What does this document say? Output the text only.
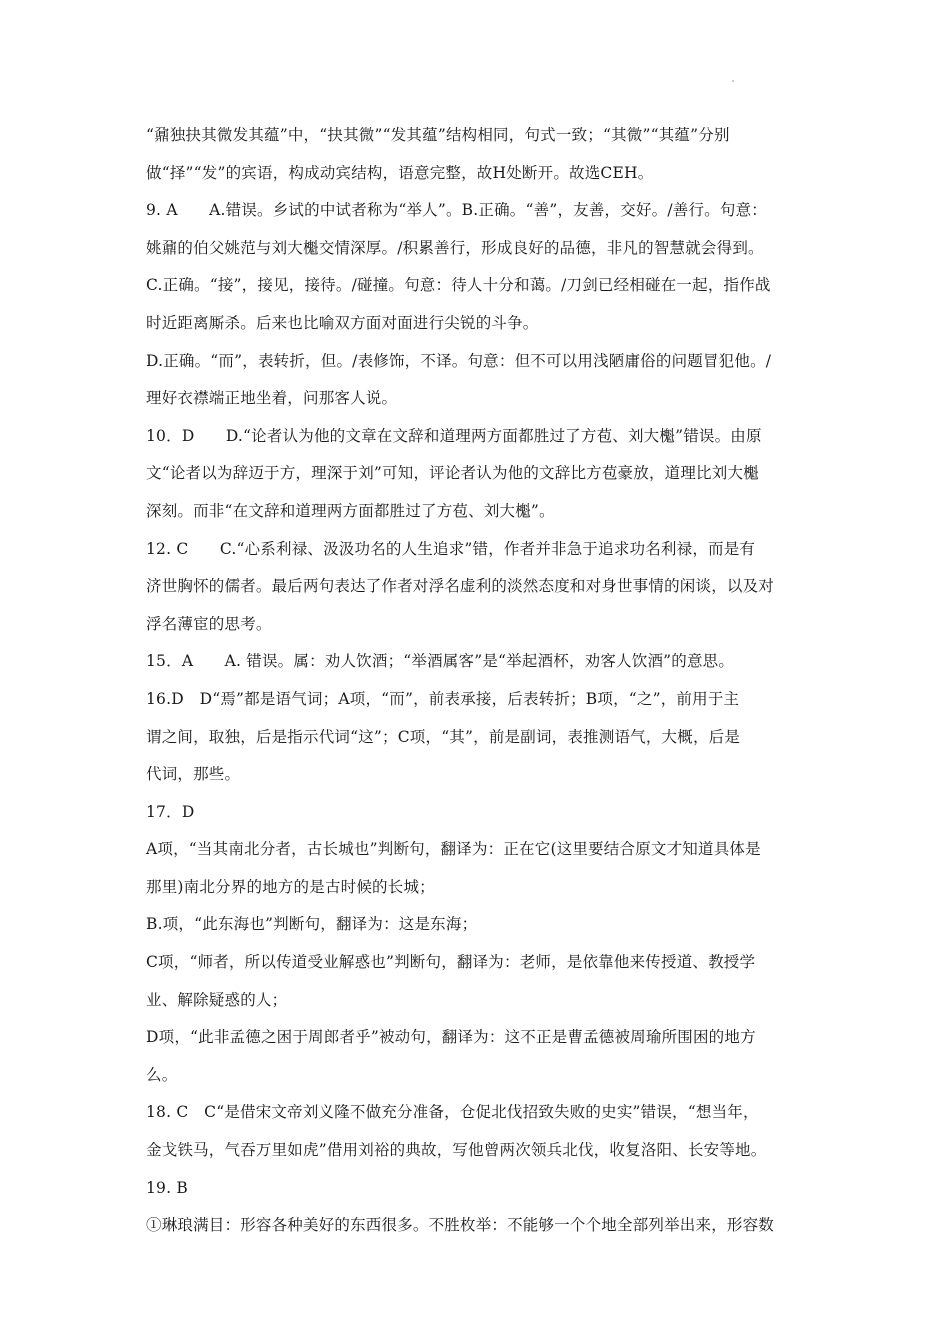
“鼐独抉其微发其蕴”中，“抉其微”“发其蕴”结构相同，句式一致；“其微”“其蕴”分别
做“择”“发”的宾语，构成动宾结构，语意完整，故H处断开。故选CEH。
9. A　　A.错误。乡试的中试者称为“举人”。B.正确。“善”，友善，交好。/善行。句意：
姚鼐的伯父姚范与刘大櫆交情深厚。/积累善行，形成良好的品德，非凡的智慧就会得到。
C.正确。“接”，接见，接待。/碰撞。句意：待人十分和蔼。/刀剑已经相碰在一起，指作战
时近距离厮杀。后来也比喻双方面对面进行尖锐的斗争。
D.正确。“而”，表转折，但。/表修饰，不译。句意：但不可以用浅陋庸俗的问题冒犯他。/
理好衣襟端正地坐着，问那客人说。
10．D　　D.“论者认为他的文章在文辞和道理两方面都胜过了方苞、刘大櫆”错误。由原
文“论者以为辞迈于方，理深于刘”可知，评论者认为他的文辞比方苞豪放，道理比刘大櫆
深刻。而非“在文辞和道理两方面都胜过了方苞、刘大櫆”。
12. C　　C.“心系利禄、汲汲功名的人生追求”错，作者并非急于追求功名利禄，而是有
济世胸怀的儒者。最后两句表达了作者对浮名虚利的淡然态度和对身世事情的闲谈，以及对
浮名薄宦的思考。
15．A　　A. 错误。属：劝人饮酒；“举酒属客”是“举起酒杯，劝客人饮酒”的意思。
16.D　D“焉”都是语气词；A项，“而”，前表承接，后表转折；B项，“之”，前用于主
谓之间，取独，后是指示代词“这”；C项，“其”，前是副词，表推测语气，大概，后是
代词，那些。
17．D
A项，“当其南北分者，古长城也”判断句，翻译为：正在它(这里要结合原文才知道具体是
那里)南北分界的地方的是古时候的长城；
B.项，“此东海也”判断句，翻译为：这是东海；
C项，“师者，所以传道受业解惑也”判断句，翻译为：老师，是依靠他来传授道、教授学
业、解除疑惑的人；
D项，“此非孟德之困于周郎者乎”被动句，翻译为：这不正是曹孟德被周瑜所围困的地方
么。
18. C　C“是借宋文帝刘义隆不做充分准备，仓促北伐招致失败的史实”错误，“想当年，
金戈铁马，气吞万里如虎”借用刘裕的典故，写他曾两次领兵北伐，收复洛阳、长安等地。
19. B
①琳琅满目：形容各种美好的东西很多。不胜枚举：不能够一个个地全部列举出来，形容数
